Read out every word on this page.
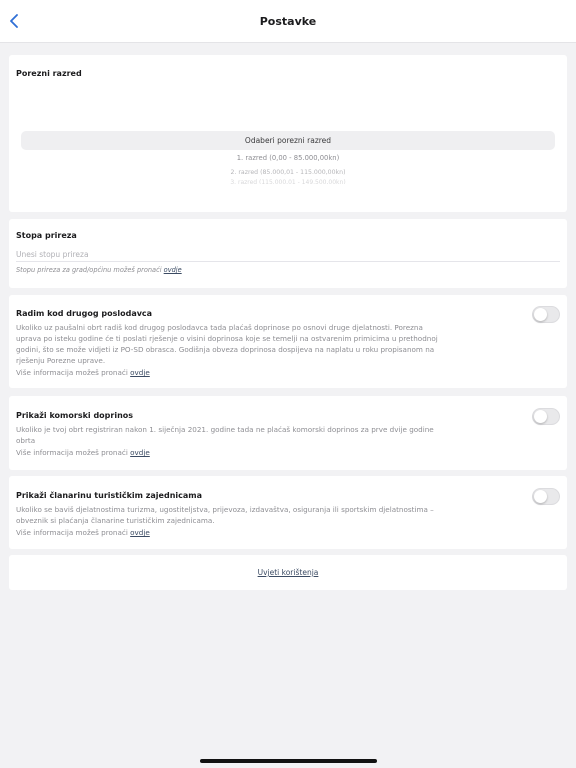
Postavke
Porezni razred
Odaberi porezni razred
1. razred (0,00 - 85.000,00kn)
2. razred (85.000,01 - 115.000,00kn)
3. razred (115.000,01 - 149.500,00kn)
Stopa prireza
Unesi stopu prireza
Stopu prireza za grad/općinu možeš pronaći ovdje
Radim kod drugog poslodavca
Ukoliko uz paušalni obrt radiš kod drugog poslodavca tada plaćaš doprinose po osnovi druge djelatnosti. Porezna uprava po isteku godine će ti poslati rješenje o visini doprinosa koje se temelji na ostvarenim primicima u prethodnoj godini, što se može vidjeti iz PO-SD obrasca. Godišnja obveza doprinosa dospijeva na naplatu u roku propisanom na rješenju Porezne uprave.
Više informacija možeš pronaći ovdje
Prikaži komorski doprinos
Ukoliko je tvoj obrt registriran nakon 1. siječnja 2021. godine tada ne plaćaš komorski doprinos za prve dvije godine obrta
Više informacija možeš pronaći ovdje
Prikaži članarinu turističkim zajednicama
Ukoliko se baviš djelatnostima turizma, ugostiteljstva, prijevoza, izdavaštva, osiguranja ili sportskim djelatnostima – obveznik si plaćanja članarine turističkim zajednicama.
Više informacija možeš pronaći ovdje
Uvjeti korištenja
